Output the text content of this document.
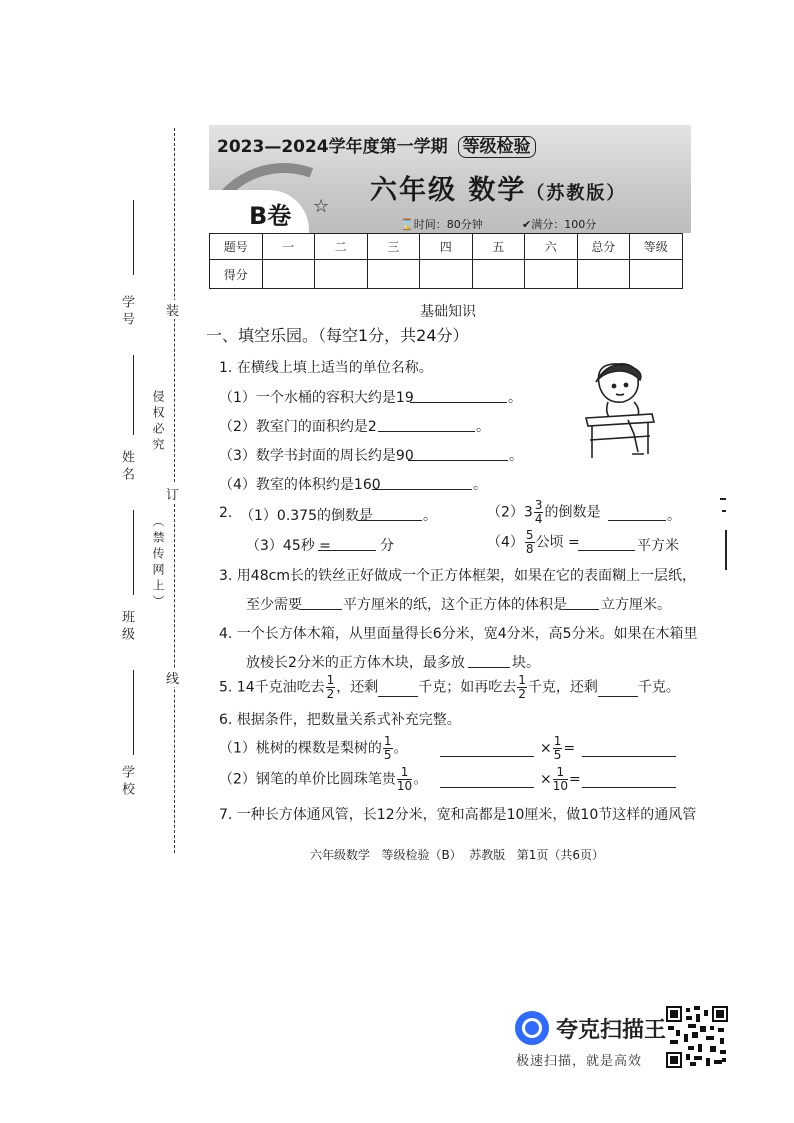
学号
姓名
班级
学校
侵权必究
（禁传网上）
装
订
线
2023—2024学年度第一学期 等级检验
六年级 数学（苏教版）
B卷 ☆
⌛时间：80分钟	✔满分：100分
题号	一	二	三	四	五	六	总分	等级
得分								
基础知识
一、填空乐园。（每空1分，共24分）
1. 在横线上填上适当的单位名称。
（1）一个水桶的容积大约是19	。
（2）教室门的面积约是2	。
（3）数学书封面的周长约是90	。
（4）教室的体积约是160	。
2. （1）0.375的倒数是	。	$(2)3 \frac{3}{4}$ 的倒数是	。
（3）45秒 =	分	$(4) \frac{5}{8}$ 公顷 =	平方米
3. 用48cm长的铁丝正好做成一个正方体框架，如果在它的表面糊上一层纸，
至少需要	平方厘米的纸，这个正方体的体积是 立方厘米。
4. 一个长方体木箱，从里面量得长6分米，宽4分米，高5分米。如果在木箱里
放棱长2分米的正方体木块，最多放	块。
5. 14千克油吃去 $\frac{1}{2}$ ，还剩	千克；如再吃去 $\frac{1}{2}$ 千克，还剩	千克。
6. 根据条件，把数量关系式补充完整。
（1）桃树的棵数是梨树的 $\frac{1}{5}$ 。	× $\frac{1}{5}$ =
（2）钢笔的单价比圆珠笔贵 $\frac{1}{10}$ 。	× $\frac{1}{10}$ =
7. 一种长方体通风管，长12分米，宽和高都是10厘米，做10节这样的通风管
六年级数学   等级检验（B）  苏教版   第1页（共6页）
夸克扫描王
极速扫描，就是高效
